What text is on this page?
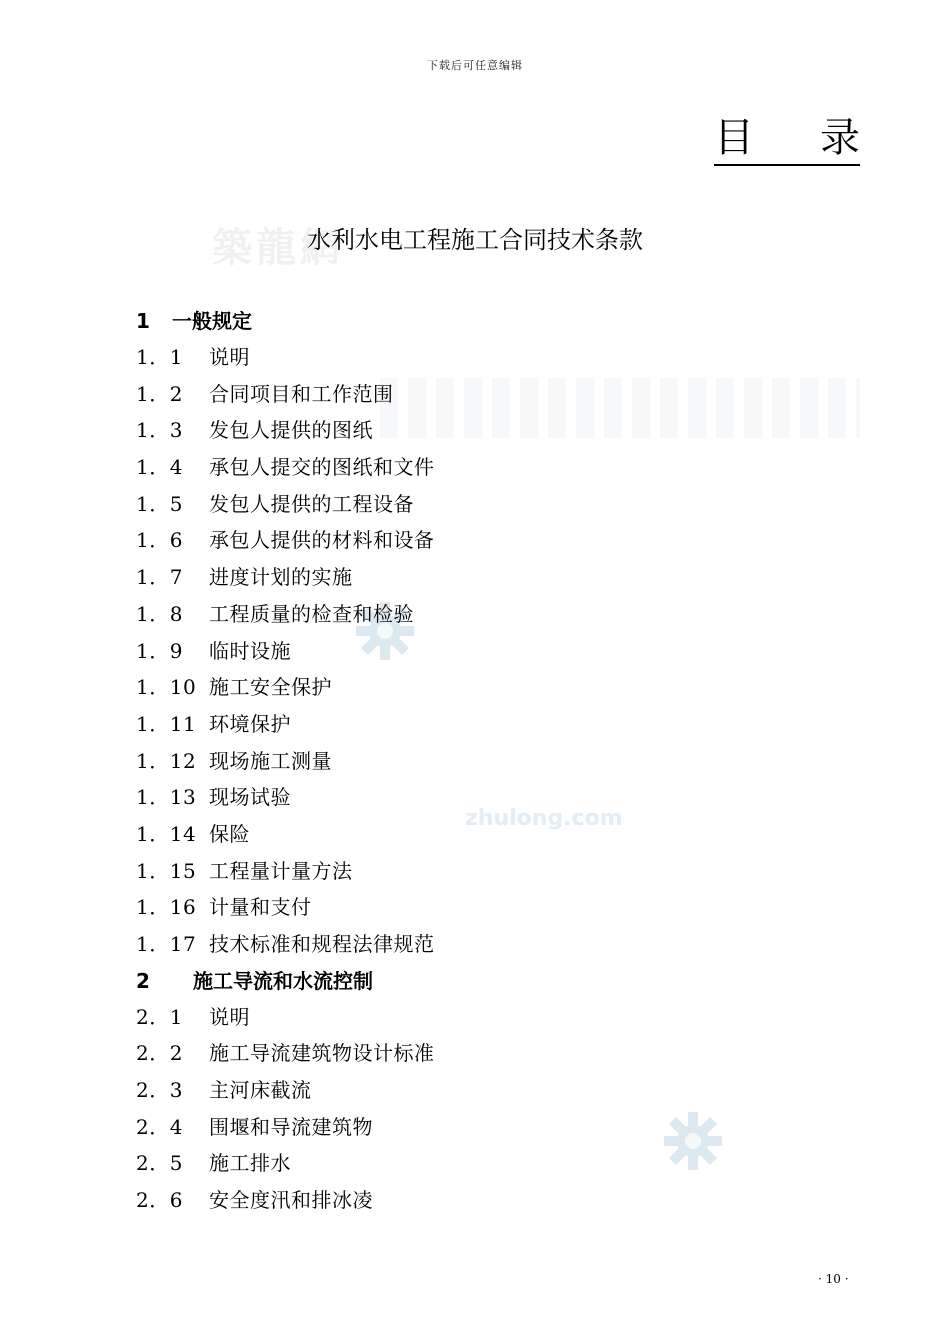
下载后可任意编辑
目 录
築龍網
zhulong.com
水利水电工程施工合同技术条款
1	一般规定
1．1	说明
1．2	合同项目和工作范围
1．3	发包人提供的图纸
1．4	承包人提交的图纸和文件
1．5	发包人提供的工程设备
1．6	承包人提供的材料和设备
1．7	进度计划的实施
1．8	工程质量的检查和检验
1．9	临时设施
1．10 施工安全保护
1．11 环境保护
1．12 现场施工测量
1．13 现场试验
1．14 保险
1．15 工程量计量方法
1．16 计量和支付
1．17 技术标准和规程法律规范
2	施工导流和水流控制
2．1	说明
2．2	施工导流建筑物设计标准
2．3	主河床截流
2．4	围堰和导流建筑物
2．5	施工排水
2．6	安全度汛和排冰凌
· 10 ·
